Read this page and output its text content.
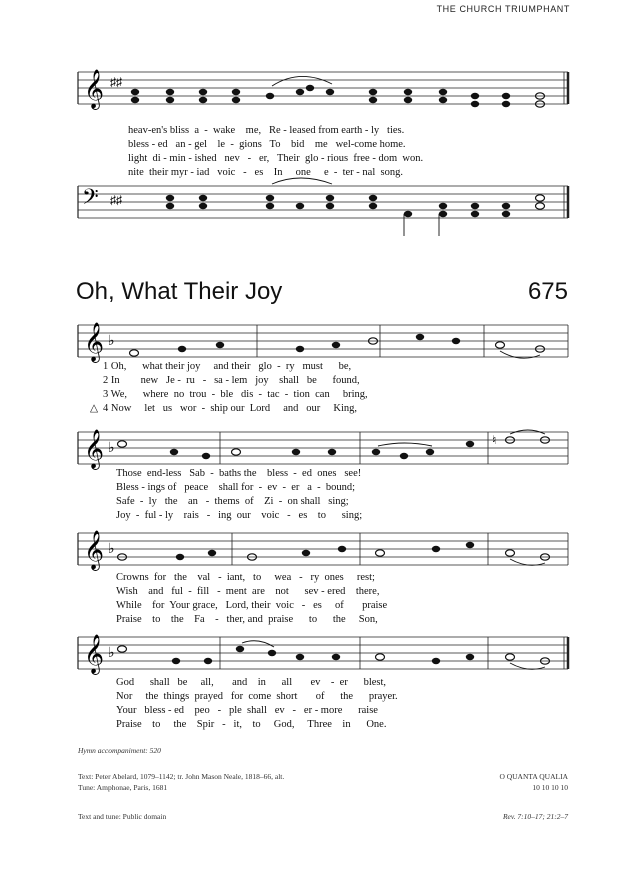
THE CHURCH TRIUMPHANT
𝄞 ♯♯

heav-en's bliss  a  -  wake    me,   Re - leased from earth - ly   ties.

bless - ed   an - gel    le  -  gions   To    bid    me   wel-come home.

light  di - min - ished   nev   -   er,   Their  glo - rious  free - dom  won.

nite  their myr - iad   voic   -   es    In     one     e  -  ter - nal  song.

𝄢 ♯♯
Oh, What Their Joy	675
𝄞 ♭

1 Oh,      what their joy     and their   glo  -  ry   must      be,

2 In        new   Je -  ru   -   sa - lem   joy    shall   be      found,

3 We,      where  no  trou  -  ble   dis  -  tac  -  tion  can     bring,

4 Now     let   us   wor  -  ship our  Lord     and   our     King,

△

𝄞 ♭
♮

Those  end-less   Sab  -  baths the    bless  -  ed  ones   see!

Bless - ings of   peace    shall for  -  ev  -  er   a  -  bound;

Safe  -  ly   the    an   -  thems  of    Zi  -  on shall   sing;

Joy  -  ful - ly    rais   -   ing  our    voic   -   es    to      sing;

𝄞 ♭

Crowns  for   the    val   -  iant,   to     wea   -   ry  ones     rest;

Wish    and   ful  -  fill   -  ment  are    not      sev - ered    there,

While    for  Your grace,   Lord, their  voic   -   es     of       praise

Praise    to    the    Fa    -   ther, and  praise      to      the     Son,

𝄞 ♭

God      shall   be     all,       and    in      all       ev    -  er      blest,

Nor     the  things  prayed   for  come  short       of      the      prayer.

Your   bless - ed    peo   -   ple  shall   ev   -   er - more      raise

Praise    to     the    Spir   -   it,    to     God,     Three    in      One.

Hymn accompaniment: 520
Text: Peter Abelard, 1079–1142; tr. John Mason Neale, 1818–66, alt.
Tune: Amphonae, Paris, 1681
O QUANTA QUALIA
10 10 10 10
Text and tune: Public domain	Rev. 7:10–17; 21:2–7
